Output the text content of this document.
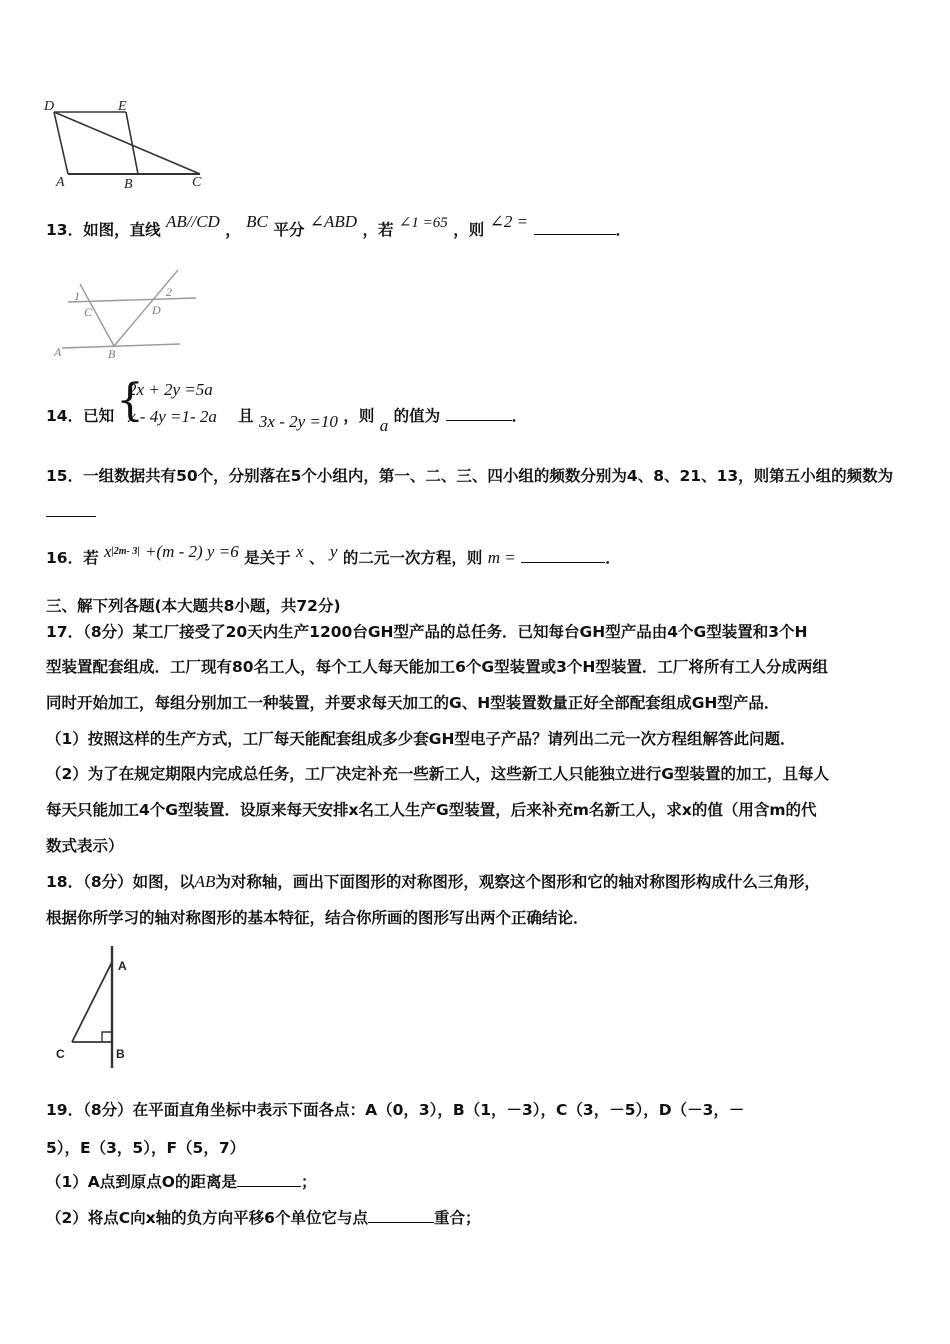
D	E
A	B	C
13．如图，直线 AB//CD ， BC 平分 ∠ABD ，若 ∠1 =65 ，则 ∠2 =	．
1	2
C	D
A	B
14．已知 {
2x + 2y =5a
x - 4y =1- 2a 且 3x - 2y =10 ，则 a 的值为	．
15．一组数据共有50个，分别落在5个小组内，第一、二、三、四小组的频数分别为4、8、21、13，则第五小组的频数为
16．若 $x^{|2m- 3|} +(m - 2)$ y =6 是关于 x 、 y 的二元一次方程，则 m =	．
三、解下列各题(本大题共8小题，共72分)
17．（8分）某工厂接受了20天内生产1200台GH型产品的总任务．已知每台GH型产品由4个G型装置和3个H
型装置配套组成．工厂现有80名工人，每个工人每天能加工6个G型装置或3个H型装置．工厂将所有工人分成两组
同时开始加工，每组分别加工一种装置，并要求每天加工的G、H型装置数量正好全部配套组成GH型产品．
（1）按照这样的生产方式，工厂每天能配套组成多少套GH型电子产品？请列出二元一次方程组解答此问题．
（2）为了在规定期限内完成总任务，工厂决定补充一些新工人，这些新工人只能独立进行G型装置的加工，且每人
每天只能加工4个G型装置．设原来每天安排x名工人生产G型装置，后来补充m名新工人，求x的值（用含m的代
数式表示）
18．（8分）如图，以AB为对称轴，画出下面图形的对称图形，观察这个图形和它的轴对称图形构成什么三角形，
根据你所学习的轴对称图形的基本特征，结合你所画的图形写出两个正确结论．
A
B
C
19．（8分）在平面直角坐标中表示下面各点：A（0，3），B（1，－3），C（3，－5），D（－3，－
5），E（3，5），F（5，7）
（1）A点到原点O的距离是	；
（2）将点C向x轴的负方向平移6个单位它与点	重合；
